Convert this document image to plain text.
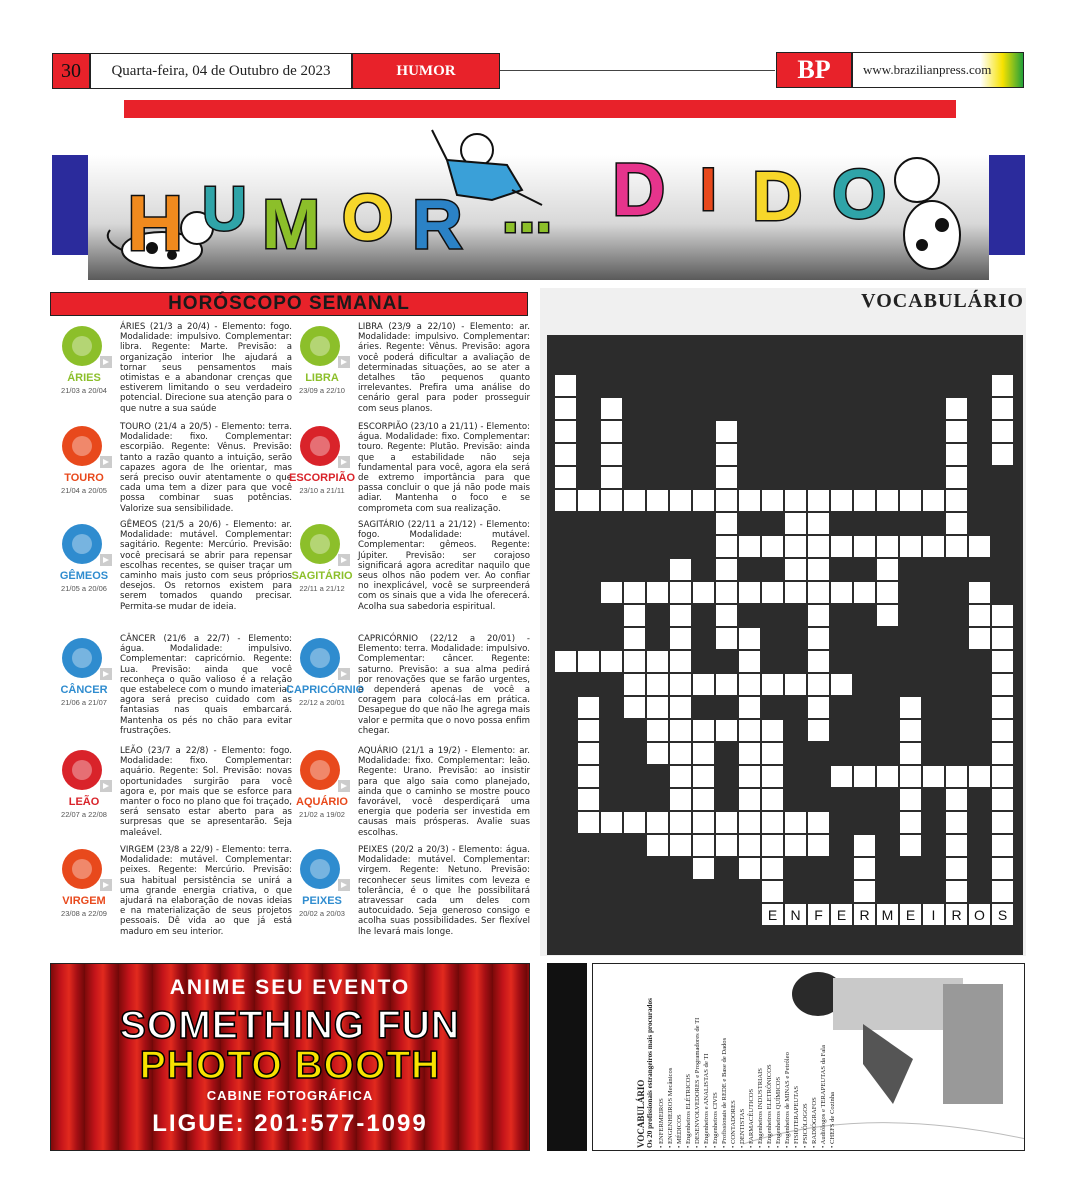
30	Quarta-feira, 04 de Outubro de 2023	HUMOR	BP	www.brazilianpress.com
H U M O R ... D I D O
HORÓSCOPO SEMANAL
ÁRIES
21/03 a 20/04
ÁRIES (21/3 a 20/4) - Elemento: fogo. Modalidade: impulsivo. Complementar: libra. Regente: Marte. Previsão: a organização interior lhe ajudará a tornar seus pensamentos mais otimistas e a abandonar crenças que estiverem limitando o seu verdadeiro potencial. Direcione sua atenção para o que nutre a sua saúde
TOURO
21/04 a 20/05
TOURO (21/4 a 20/5) - Elemento: terra. Modalidade: fixo. Complementar: escorpião. Regente: Vênus. Previsão: tanto a razão quanto a intuição, serão capazes agora de lhe orientar, mas será preciso ouvir atentamente o que cada uma tem a dizer para que você possa combinar suas potências. Valorize sua sensibilidade.
GÊMEOS
21/05 a 20/06
GÊMEOS (21/5 a 20/6) - Elemento: ar. Modalidade: mutável. Complementar: sagitário. Regente: Mercúrio. Previsão: você precisará se abrir para repensar escolhas recentes, se quiser traçar um caminho mais justo com seus próprios desejos. Os retornos existem para serem tomados quando precisar. Permita-se mudar de ideia.
CÂNCER
21/06 a 21/07
CÂNCER (21/6 a 22/7) - Elemento: água. Modalidade: impulsivo. Complementar: capricórnio. Regente: Lua. Previsão: ainda que você reconheça o quão valioso é a relação que estabelece com o mundo imaterial, agora será preciso cuidado com as fantasias nas quais embarcará. Mantenha os pés no chão para evitar frustrações.
LEÃO
22/07 a 22/08
LEÃO (23/7 a 22/8) - Elemento: fogo. Modalidade: fixo. Complementar: aquário. Regente: Sol. Previsão: novas oportunidades surgirão para você agora e, por mais que se esforce para manter o foco no plano que foi traçado, será sensato estar aberto para as surpresas que se apresentarão. Seja maleável.
VIRGEM
23/08 a 22/09
VIRGEM (23/8 a 22/9) - Elemento: terra. Modalidade: mutável. Complementar: peixes. Regente: Mercúrio. Previsão: sua habitual persistência se unirá a uma grande energia criativa, o que ajudará na elaboração de novas ideias e na materialização de seus projetos pessoais. Dê vida ao que já está maduro em seu interior.
LIBRA
23/09 a 22/10
LIBRA (23/9 a 22/10) - Elemento: ar. Modalidade: impulsivo. Complementar: áries. Regente: Vênus. Previsão: agora você poderá dificultar a avaliação de determinadas situações, ao se ater a detalhes tão pequenos quanto irrelevantes. Prefira uma análise do cenário geral para poder prosseguir com seus planos.
ESCORPIÃO
23/10 a 21/11
ESCORPIÃO (23/10 a 21/11) - Elemento: água. Modalidade: fixo. Complementar: touro. Regente: Plutão. Previsão: ainda que a estabilidade não seja fundamental para você, agora ela será de extremo importância para que passa concluir o que já não pode mais adiar. Mantenha o foco e se comprometa com sua realização.
SAGITÁRIO
22/11 a 21/12
SAGITÁRIO (22/11 a 21/12) - Elemento: fogo. Modalidade: mutável. Complementar: gêmeos. Regente: Júpiter. Previsão: ser corajoso significará agora acreditar naquilo que seus olhos não podem ver. Ao confiar no inexplicável, você se surpreenderá com os sinais que a vida lhe oferecerá. Acolha sua sabedoria espiritual.
CAPRICÓRNIO
22/12 a 20/01
CAPRICÓRNIO (22/12 a 20/01) - Elemento: terra. Modalidade: impulsivo. Complementar: câncer. Regente: saturno. Previsão: a sua alma pedirá por renovações que se farão urgentes, e dependerá apenas de você a coragem para colocá-las em prática. Desapegue do que não lhe agrega mais valor e permita que o novo possa enfim chegar.
AQUÁRIO
21/02 a 19/02
AQUÁRIO (21/1 a 19/2) - Elemento: ar. Modalidade: fixo. Complementar: leão. Regente: Urano. Previsão: ao insistir para que algo saia como planejado, ainda que o caminho se mostre pouco favorável, você desperdiçará uma energia que poderia ser investida em causas mais prósperas. Avalie suas escolhas.
PEIXES
20/02 a 20/03
PEIXES (20/2 a 20/3) - Elemento: água. Modalidade: mutável. Complementar: virgem. Regente: Netuno. Previsão: reconhecer seus limites com leveza e tolerância, é o que lhe possibilitará atravessar cada um deles com autocuidado. Seja generoso consigo e acolha suas possibilidades. Ser flexível lhe levará mais longe.
VOCABULÁRIO
E N F E R M E I R O S
ANIME SEU EVENTO
SOMETHING FUN
PHOTO BOOTH
CABINE FOTOGRÁFICA
LIGUE: 201:577-1099	VOCABULÁRIO Os 20 profissionais estrangeiros mais procurados • ENFERMEIROS • ENGENHEIROS Mecânicos • MÉDICOS • Engenheiros ELÉTRICOS • DESENVOLVEDORES e Programadores de TI • Engenheiros e ANALISTAS de TI • Engenheiros CIVIS • Profissionais de REDE e Base de Dados • CONTADORES • DENTISTAS • FARMACÊUTICOS • Engenheiros INDUSTRIAIS • Engenheiros ELETRÔNICOS • Engenheiros QUÍMICOS • Engenheiros de MINAS e Petróleo • FISIOTERAPEUTAS • PSICÓLOGOS • RADIÓGRAFOS • Audiólogos e TERAPEUTAS da Fala • CHEFS de Cozinha
